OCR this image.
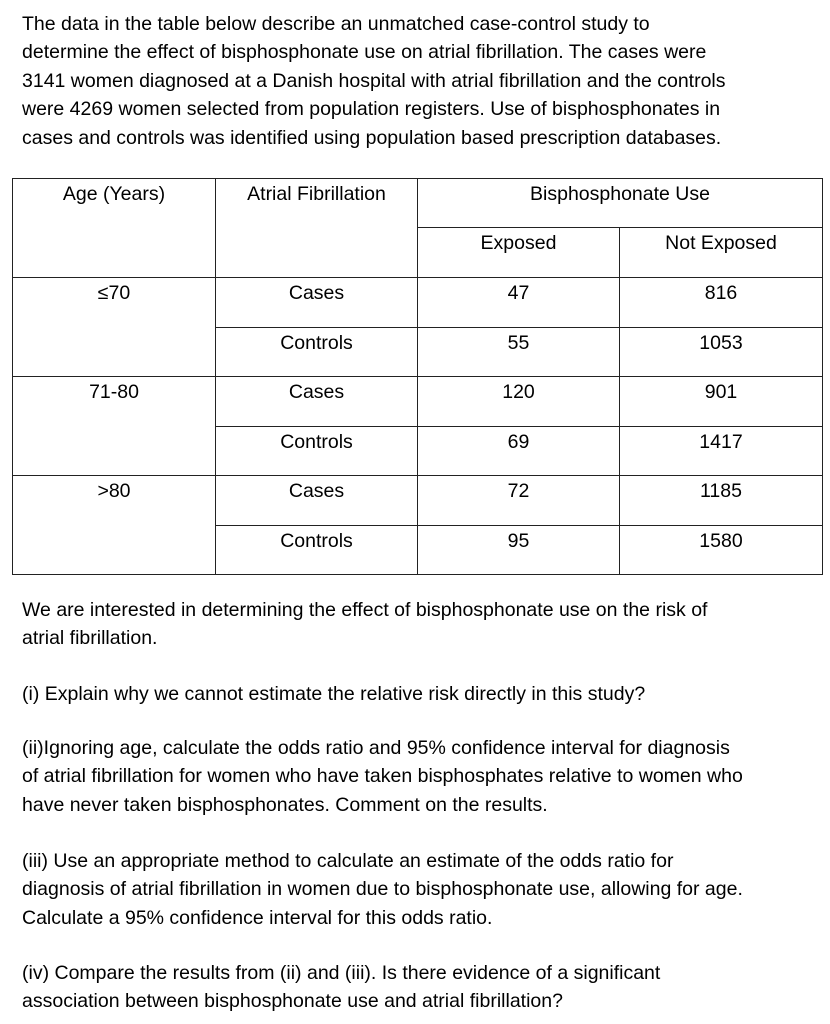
The data in the table below describe an unmatched case-control study to
determine the effect of bisphosphonate use on atrial fibrillation. The cases were
3141 women diagnosed at a Danish hospital with atrial fibrillation and the controls
were 4269 women selected from population registers. Use of bisphosphonates in
cases and controls was identified using population based prescription databases.

Age (Years)	Atrial Fibrillation	Bisphosphonate Use	
		Exposed	Not Exposed
≤70	Cases	47	816
	Controls	55	1053
71-80	Cases	120	901
	Controls	69	1417
>80	Cases	72	1185
	Controls	95	1580

We are interested in determining the effect of bisphosphonate use on the risk of
atrial fibrillation.

(i) Explain why we cannot estimate the relative risk directly in this study?

(ii)Ignoring age, calculate the odds ratio and 95% confidence interval for diagnosis
of atrial fibrillation for women who have taken bisphosphates relative to women who
have never taken bisphosphonates. Comment on the results.

(iii) Use an appropriate method to calculate an estimate of the odds ratio for
diagnosis of atrial fibrillation in women due to bisphosphonate use, allowing for age.
Calculate a 95% confidence interval for this odds ratio.

(iv) Compare the results from (ii) and (iii). Is there evidence of a significant
association between bisphosphonate use and atrial fibrillation?
